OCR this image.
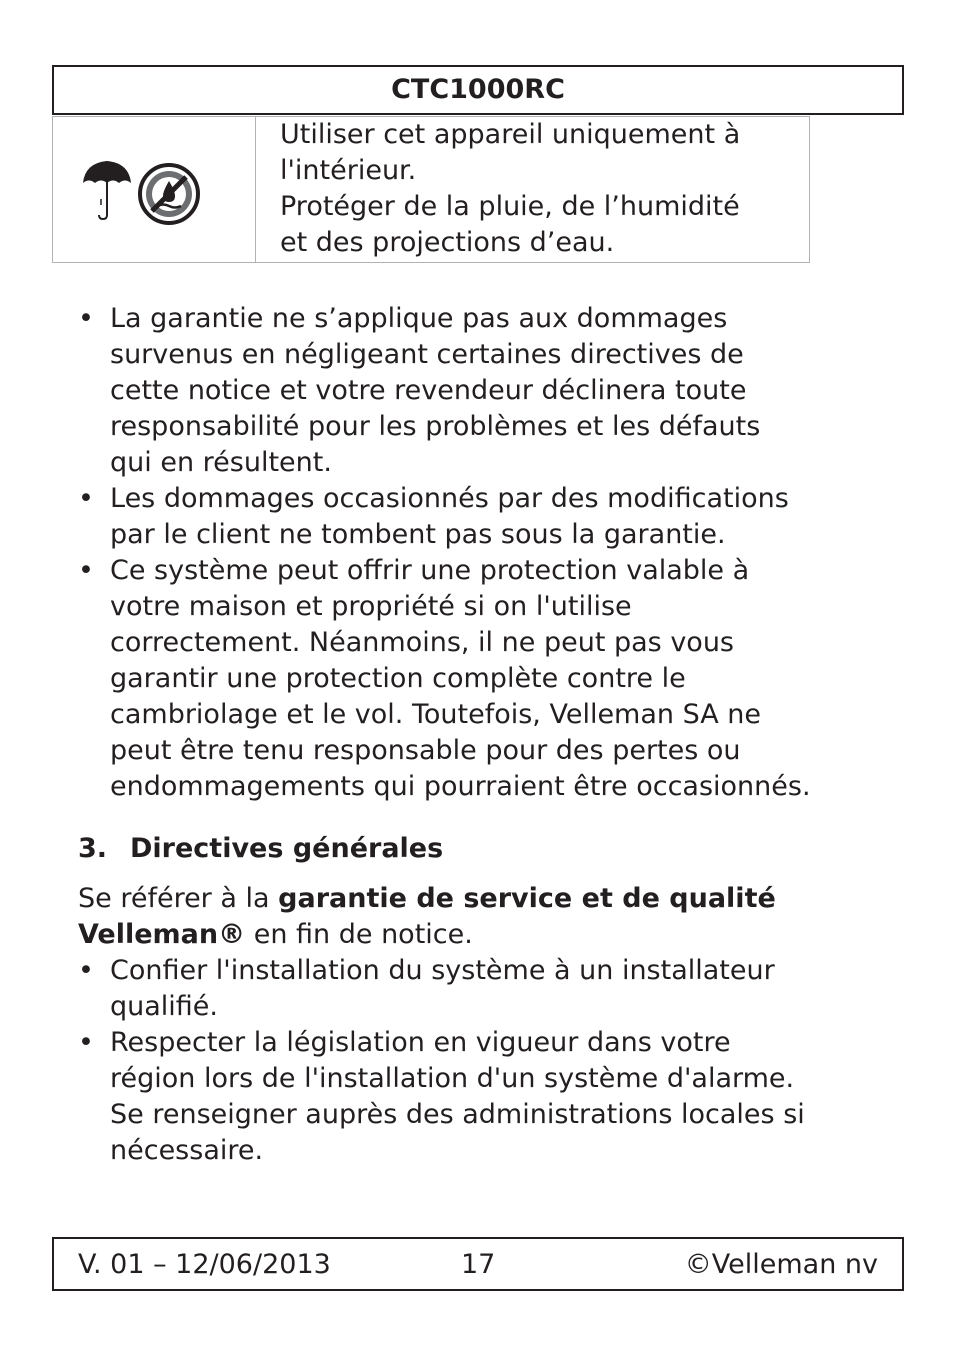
CTC1000RC
Utiliser cet appareil uniquement à
l'intérieur.
Protéger de la pluie, de l’humidité
et des projections d’eau.
• La garantie ne s’applique pas aux dommages
survenus en négligeant certaines directives de
cette notice et votre revendeur déclinera toute
responsabilité pour les problèmes et les défauts
qui en résultent.
• Les dommages occasionnés par des modifications
par le client ne tombent pas sous la garantie.
• Ce système peut offrir une protection valable à
votre maison et propriété si on l'utilise
correctement. Néanmoins, il ne peut pas vous
garantir une protection complète contre le
cambriolage et le vol. Toutefois, Velleman SA ne
peut être tenu responsable pour des pertes ou
endommagements qui pourraient être occasionnés.
3. Directives générales
Se référer à la garantie de service et de qualité
Velleman® en fin de notice.
• Confier l'installation du système à un installateur
qualifié.
• Respecter la législation en vigueur dans votre
région lors de l'installation d'un système d'alarme.
Se renseigner auprès des administrations locales si
nécessaire.
V. 01 – 12/06/2013	17	©Velleman nv
